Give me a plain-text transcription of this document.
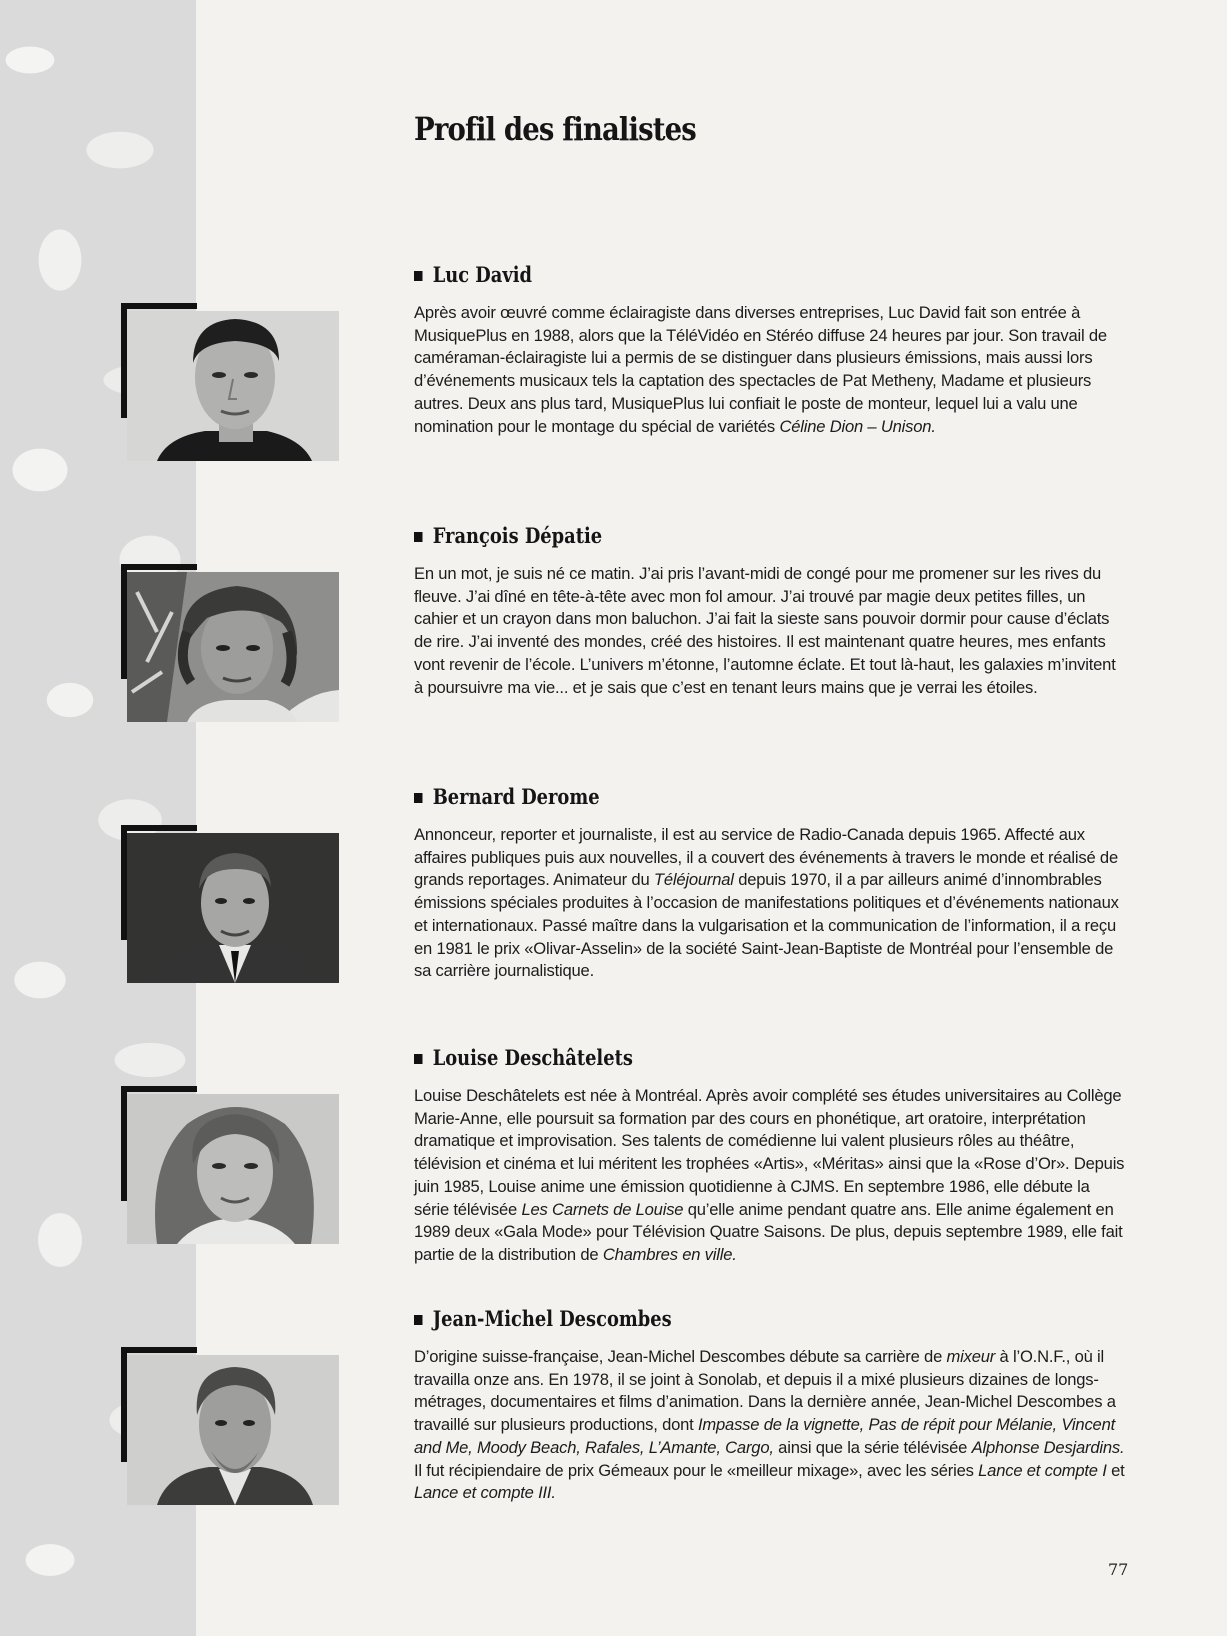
Profil des finalistes
Luc David

Après avoir œuvré comme éclairagiste dans diverses entreprises, Luc David fait son entrée à MusiquePlus en 1988, alors que la TéléVidéo en Stéréo diffuse 24 heures par jour. Son travail de caméraman-éclairagiste lui a permis de se distinguer dans plusieurs émissions, mais aussi lors d’événements musicaux tels la captation des spectacles de Pat Metheny, Madame et plusieurs autres. Deux ans plus tard, MusiquePlus lui confiait le poste de monteur, lequel lui a valu une nomination pour le montage du spécial de variétés Céline Dion – Unison.

François Dépatie

En un mot, je suis né ce matin. J’ai pris l’avant-midi de congé pour me promener sur les rives du fleuve. J’ai dîné en tête-à-tête avec mon fol amour. J’ai trouvé par magie deux petites filles, un cahier et un crayon dans mon baluchon. J’ai fait la sieste sans pouvoir dormir pour cause d’éclats de rire. J’ai inventé des mondes, créé des histoires. Il est maintenant quatre heures, mes enfants vont revenir de l’école. L’univers m’étonne, l’automne éclate. Et tout là-haut, les galaxies m’invitent à poursuivre ma vie... et je sais que c’est en tenant leurs mains que je verrai les étoiles.

Bernard Derome

Annonceur, reporter et journaliste, il est au service de Radio-Canada depuis 1965. Affecté aux affaires publiques puis aux nouvelles, il a couvert des événements à travers le monde et réalisé de grands reportages. Animateur du Téléjournal depuis 1970, il a par ailleurs animé d’innombrables émissions spéciales produites à l’occasion de manifestations politiques et d’événements nationaux et internationaux. Passé maître dans la vulgarisation et la communication de l’information, il a reçu en 1981 le prix «Olivar-Asselin» de la société Saint-Jean-Baptiste de Montréal pour l’ensemble de sa carrière journalistique.

Louise Deschâtelets

Louise Deschâtelets est née à Montréal. Après avoir complété ses études universitaires au Collège Marie-Anne, elle poursuit sa formation par des cours en phonétique, art oratoire, interprétation dramatique et improvisation. Ses talents de comédienne lui valent plusieurs rôles au théâtre, télévision et cinéma et lui méritent les trophées «Artis», «Méritas» ainsi que la «Rose d’Or». Depuis juin 1985, Louise anime une émission quotidienne à CJMS. En septembre 1986, elle débute la série télévisée Les Carnets de Louise qu’elle anime pendant quatre ans. Elle anime également en 1989 deux «Gala Mode» pour Télévision Quatre Saisons. De plus, depuis septembre 1989, elle fait partie de la distribution de Chambres en ville.

Jean-Michel Descombes

D’origine suisse-française, Jean-Michel Descombes débute sa carrière de mixeur à l’O.N.F., où il travailla onze ans. En 1978, il se joint à Sonolab, et depuis il a mixé plusieurs dizaines de longs-métrages, documentaires et films d’animation. Dans la dernière année, Jean-Michel Descombes a travaillé sur plusieurs productions, dont Impasse de la vignette, Pas de répit pour Mélanie, Vincent and Me, Moody Beach, Rafales, L’Amante, Cargo, ainsi que la série télévisée Alphonse Desjardins. Il fut récipiendaire de prix Gémeaux pour le «meilleur mixage», avec les séries Lance et compte I et Lance et compte III.

77
